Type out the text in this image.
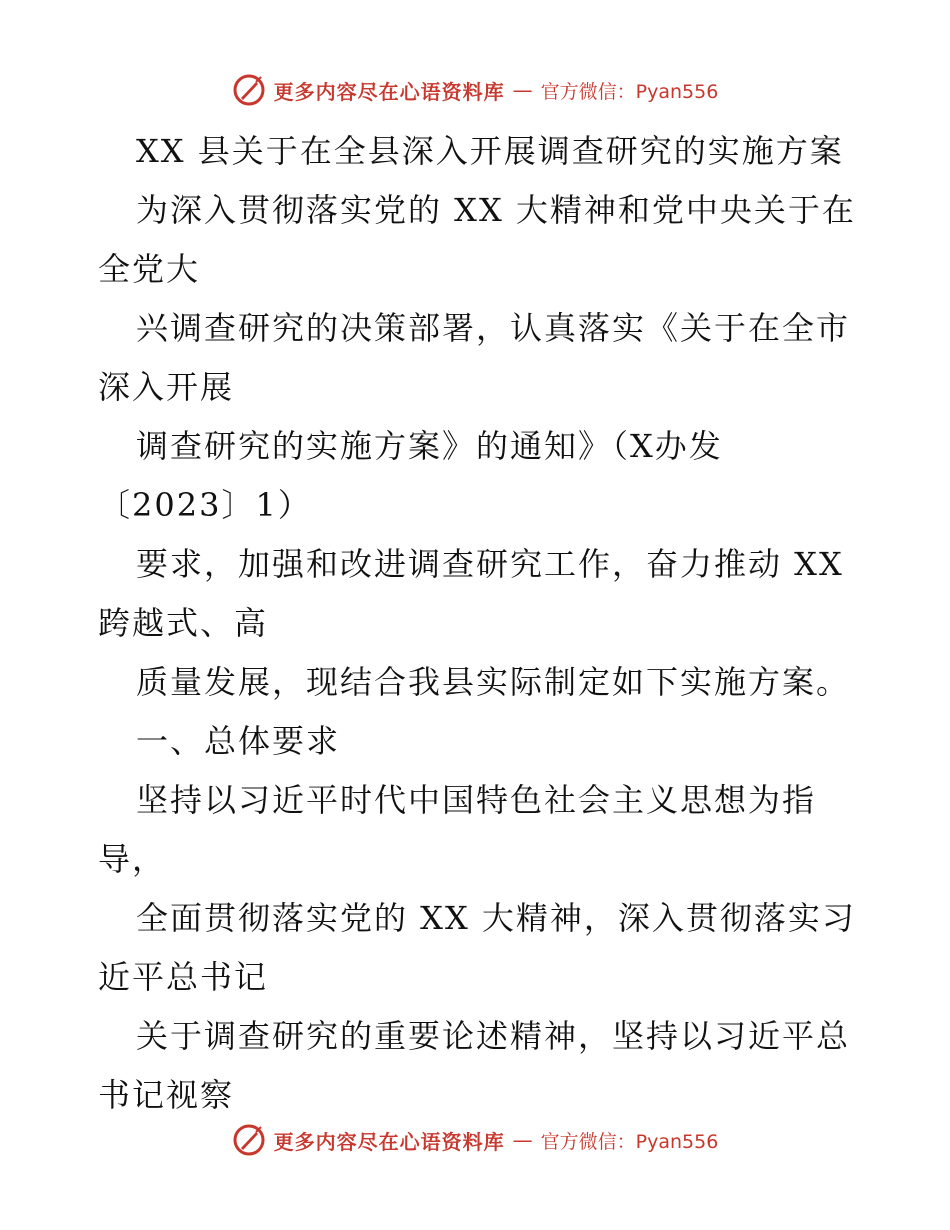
更多内容尽在心语资料库 — 官方微信：Pyan556
XX 县关于在全县深入开展调查研究的实施方案
为深入贯彻落实党的 XX 大精神和党中央关于在
全党大
兴调查研究的决策部署，认真落实《关于在全市
深入开展
调查研究的实施方案》的通知》（X办发
〔2023〕1）
要求，加强和改进调查研究工作，奋力推动 XX
跨越式、高
质量发展，现结合我县实际制定如下实施方案。
一、总体要求
坚持以习近平时代中国特色社会主义思想为指
导，
全面贯彻落实党的 XX 大精神，深入贯彻落实习
近平总书记
关于调查研究的重要论述精神，坚持以习近平总
书记视察
更多内容尽在心语资料库 — 官方微信：Pyan556
